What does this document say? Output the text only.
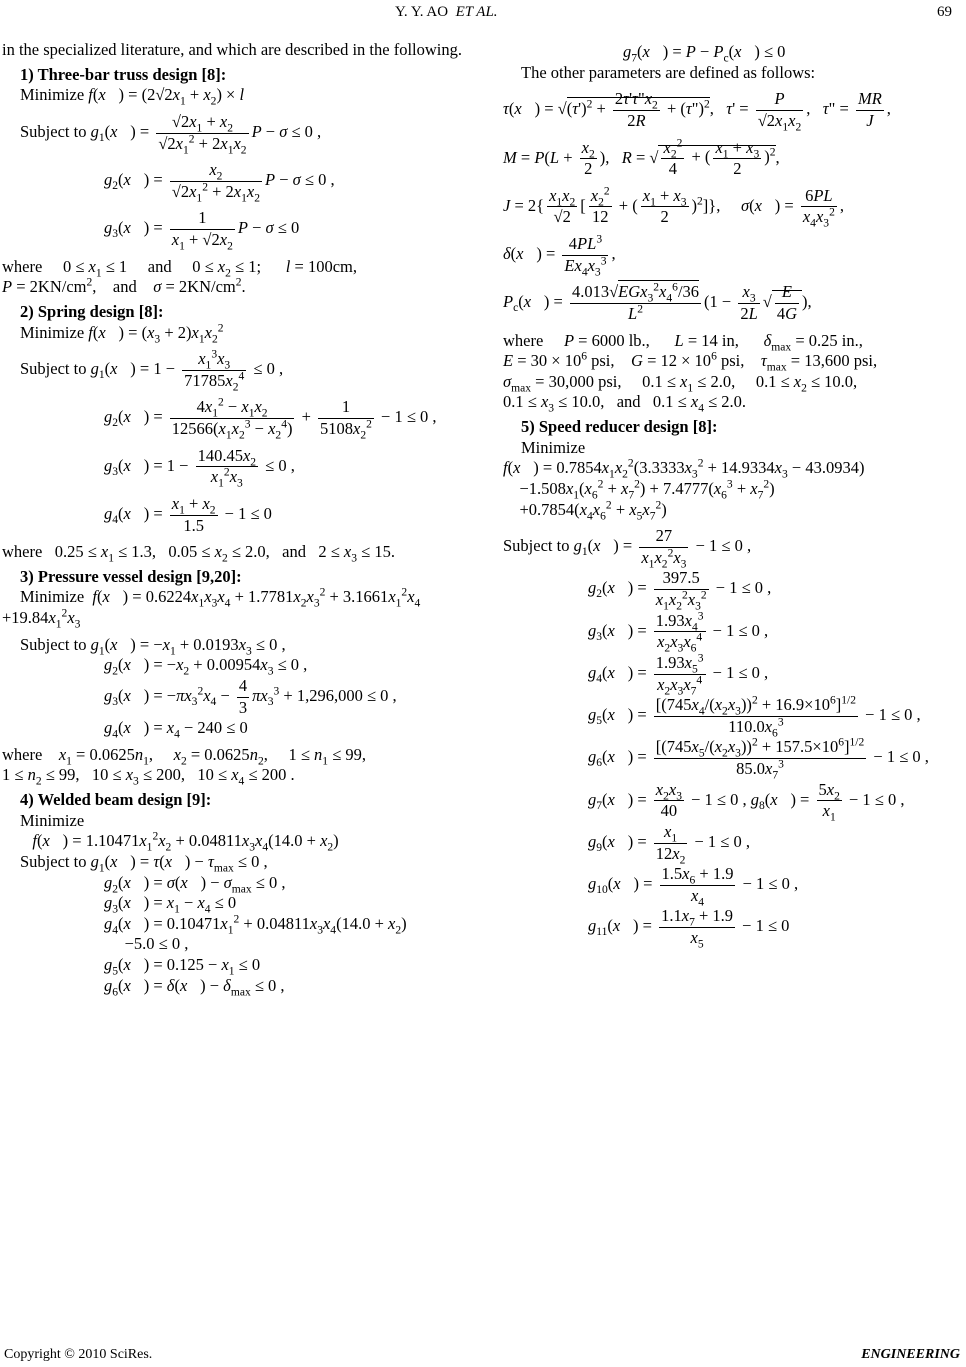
Y. Y. AO ET AL.	69
in the specialized literature, and which are described in the following.
1) Three-bar truss design [8]:
Minimize f(x⃗) = $(2√2x_1 + x_2) \times l$
Subject to $g_1(x⃗) = \frac{√2x_1 + x_2}{√2x_1^2 + 2x_1x_2}$ P − σ ≤ 0 ,
$g_2(x⃗) = \frac{x_2}{√2x_1^2 + 2x_1x_2}$ P − σ ≤ 0 ,
$g_3(x⃗) = \frac{1}{x_1 + √2x_2}$ P − σ ≤ 0
where     $0 \le x_1 \le 1$     and     $0 \le x_2 \le 1$;      l = 100cm,
$P = 2KN/cm^2$,    and    $\sigma = 2KN/cm^2$.
2) Spring design [8]:
Minimize f(x⃗) = $(x_3 + 2)x_1x_2^2$
Subject to $g_1(x⃗) = 1 - \frac{x_1^3x_3}{71785x_2^4} \le 0$ ,
$g_2(x⃗) = \frac{4x_1^2 - x_1x_2}{12566(x_1x_2^3 - x_2^4)} + \frac{1}{5108x_2^2} - 1 \le 0$ ,
$g_3(x⃗) = 1 - \frac{140.45x_2}{x_1^2x_3} \le 0$ ,
$g_4(x⃗) = \frac{x_1 + x_2}{1.5} - 1 \le 0$
where   $0.25 \le x_1 \le 1.3$,   $0.05 \le x_2 \le 2.0$,   and   $2 \le x_3 \le 15$.
3) Pressure vessel design [9,20]:
Minimize f(x⃗) = $0.6224x_1x_3x_4 + 1.7781x_2x_3^2 + 3.1661x_1^2x_4$
$+19.84x_1^2x_3$
Subject to $g_1(x⃗) = -x_1 + 0.0193x_3 \le 0$ ,
$g_2(x⃗) = -x_2 + 0.00954x_3 \le 0$ ,
$g_3(x⃗) = -\pi x_3^2x_4 - \frac{4}{3} \pi x_3^3 + 1,296,000 \le 0$ ,
$g_4(x⃗) = x_4 - 240 \le 0$
where $x_1 = 0.0625n_1$,     $x_2 = 0.0625n_2$,     $1 \le n_1 \le 99$,
$1 \le n_2 \le 99$,   $10 \le x_3 \le 200$,   $10 \le x_4 \le 200$ .
4) Welded beam design [9]:
Minimize
f(x⃗) = $1.10471x_1^2x_2 + 0.04811x_3x_4(14.0 + x_2)$
Subject to $g_1(x⃗)$ = τ(x⃗) − $\tau_{max} \le 0$ ,
$g_2(x⃗)$ = σ(x⃗) − $\sigma_{max} \le 0$ ,
$g_3(x⃗) = x_1 - x_4 \le 0$
$g_4(x⃗) = 0.10471x_1^2 + 0.04811x_3x_4(14.0 + x_2)$
−5.0 ≤ 0 ,
$g_5(x⃗) = 0.125 - x_1 \le 0$
$g_6(x⃗)$ = δ(x⃗) − $\delta_{max} \le 0$ ,
$g_7(x⃗) = P$ − $P_c(x⃗) \le 0$
The other parameters are defined as follows:
τ(x⃗) = $√(\tau')^2 + \frac{2\tau'\tau"x_2}{2R}$ + (τ")$^2$,   $\tau' = \frac{P}{√2x_1x_2}$ ,   τ" = $\frac{MR}{J}$ ,
$M = P(L + \frac{x_2}{2}$ ),   R = √ $\frac{x_2^2}{4}$ + ( $\frac{x_1 + x_3}{2} )^2$,
$J = 2\{ \frac{x_1x_2}{√2}$ [ $\frac{x_2^2}{12}$ + ( $\frac{x_1 + x_3}{2} )^2$]},     σ(x⃗) = $\frac{6PL}{x_4x_3^2}$ ,
δ(x⃗) = $\frac{4PL^3}{Ex_4x_3^3}$ ,
$P_c(x⃗) = \frac{4.013√EGx_3^2x_4^6/36}{L^2} (1 - \frac{x_3}{2L}$ √ $\frac{E}{4G}$ ),
where P = 6000 lb.,      L = 14 in,      $\delta_{max} = 0.25$ in.,
$E = 30 \times 10^6$ psi,    $G = 12 \times 10^6$ psi,    $\tau_{max} = 13,600$ psi,
$\sigma_{max} = 30,000$ psi,     $0.1 \le x_1 \le 2.0$,     $0.1 \le x_2 \le 10.0$,
$0.1 \le x_3 \le 10.0$,   and   $0.1 \le x_4 \le 2.0$.
5) Speed reducer design [8]:
Minimize
f(x⃗) = $0.7854x_1x_2^2(3.3333x_3^2 + 14.9334x_3 - 43.0934)$
$-1.508x_1(x_6^2 + x_7^2) + 7.4777(x_6^3 + x_7^2)$
$+0.7854(x_4x_6^2 + x_5x_7^2)$
Subject to $g_1(x⃗) = \frac{27}{x_1x_2^2x_3} - 1 \le 0$ ,
$g_2(x⃗) = \frac{397.5}{x_1x_2^2x_3^2} - 1 \le 0$ ,
$g_3(x⃗) = \frac{1.93x_4^3}{x_2x_3x_6^4} - 1 \le 0$ ,
$g_4(x⃗) = \frac{1.93x_5^3}{x_2x_3x_7^4} - 1 \le 0$ ,
$g_5(x⃗) = \frac{[(745x_4/(x_2x_3))^2 + 16.9\times 10^6]^{1/2}}{110.0x_6^3} - 1 \le 0$ ,
$g_6(x⃗) = \frac{[(745x_5/(x_2x_3))^2 + 157.5\times 10^6]^{1/2}}{85.0x_7^3} - 1 \le 0$ ,
$g_7(x⃗) = \frac{x_2x_3}{40} - 1 \le 0$ , $g_8(x⃗) = \frac{5x_2}{x_1} - 1 \le 0$ ,
$g_9(x⃗) = \frac{x_1}{12x_2} - 1 \le 0$ ,
$g_{10}(x⃗) = \frac{1.5x_6 + 1.9}{x_4} - 1 \le 0$ ,
$g_{11}(x⃗) = \frac{1.1x_7 + 1.9}{x_5} - 1 \le 0$
Copyright © 2010 SciRes.	ENGINEERING
